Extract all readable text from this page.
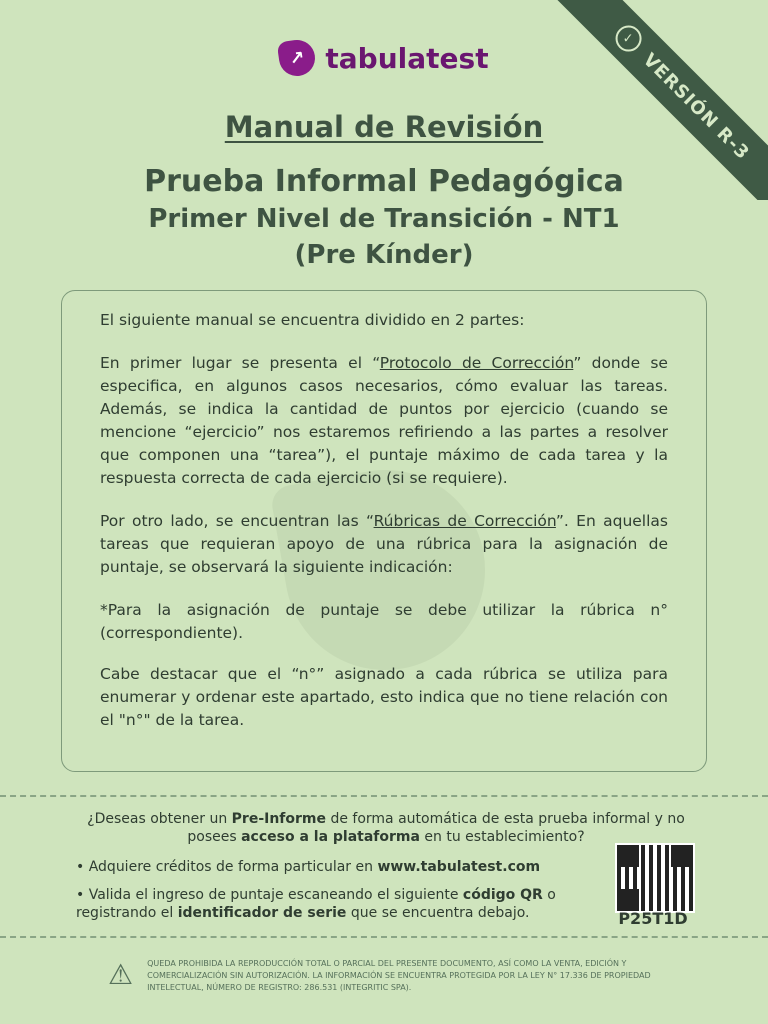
✓
VERSIÓN R-3
↗ tabulatest
Manual de Revisión
Prueba Informal Pedagógica
Primer Nivel de Transición - NT1
(Pre Kínder)

El siguiente manual se encuentra dividido en 2 partes:

En primer lugar se presenta el “Protocolo de Corrección” donde se especifica, en algunos casos necesarios, cómo evaluar las tareas. Además, se indica la cantidad de puntos por ejercicio (cuando se mencione “ejercicio” nos estaremos refiriendo a las partes a resolver que componen una “tarea”), el puntaje máximo de cada tarea y la respuesta correcta de cada ejercicio (si se requiere).

Por otro lado, se encuentran las “Rúbricas de Corrección”. En aquellas tareas que requieran apoyo de una rúbrica para la asignación de puntaje, se observará la siguiente indicación:

*Para la asignación de puntaje se debe utilizar la rúbrica n° (correspondiente).

Cabe destacar que el “n°” asignado a cada rúbrica se utiliza para enumerar y ordenar este apartado, esto indica que no tiene relación con el "n°" de la tarea.

¿Deseas obtener un Pre-Informe de forma automática de esta prueba informal y no posees acceso a la plataforma en tu establecimiento?

• Adquiere créditos de forma particular en www.tabulatest.com

• Valida el ingreso de puntaje escaneando el siguiente código QR o registrando el identificador de serie que se encuentra debajo.	P25T1D
⚠ QUEDA PROHIBIDA LA REPRODUCCIÓN TOTAL O PARCIAL DEL PRESENTE DOCUMENTO, ASÍ COMO LA VENTA, EDICIÓN Y COMERCIALIZACIÓN SIN AUTORIZACIÓN. LA INFORMACIÓN SE ENCUENTRA PROTEGIDA POR LA LEY N° 17.336 DE PROPIEDAD INTELECTUAL, NÚMERO DE REGISTRO: 286.531 (INTEGRITIC SPA).
